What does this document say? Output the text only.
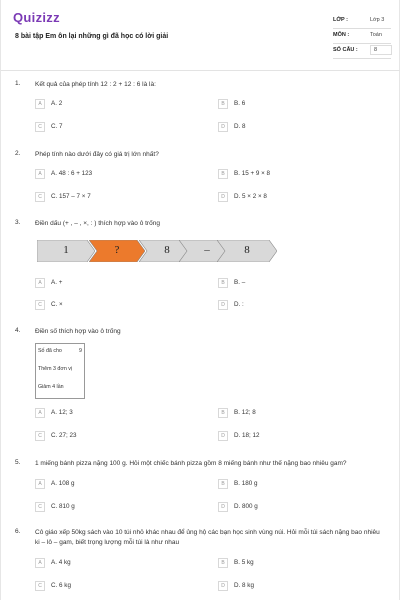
Quizizz
8 bài tập Em ôn lại những gì đã học có lời giải
LỚP :	Lớp 3
MÔN :	Toán
SỐ CÂU :	8
1. Kết quả của phép tính 12 : 2 + 12 : 6 là là:
A	A. 2	B	B. 6
C	C. 7	D	D. 8
2. Phép tính nào dưới đây có giá trị lớn nhất?
A	A. 48 : 6 + 123	B	B. 15 + 9 × 8
C	C. 157 – 7 × 7	D	D. 5 × 2 × 8
3. Điền dấu (+ , – , ×, : ) thích hợp vào ô trống
A	A. +	B	B. –
C	C. ×	D	D. :
1	?	8	–	8
4. Điền số thích hợp vào ô trống
A	A. 12; 3	B	B. 12; 8
C	C. 27; 23	D	D. 18; 12
Số đã cho	9
Thêm 3 đơn vị
Giảm 4 lần
5. 1 miếng bánh pizza nặng 100 g. Hỏi một chiếc bánh pizza gồm 8 miếng bánh như thế nặng bao nhiêu gam?
A	A. 108 g	B	B. 180 g
C	C. 810 g	D	D. 800 g
6. Cô giáo xếp 50kg sách vào 10 túi nhỏ khác nhau để ủng hộ các bạn học sinh vùng núi. Hỏi mỗi túi sách nặng bao nhiêu ki – lô – gam, biết trọng lượng mỗi túi là như nhau
A	A. 4 kg	B	B. 5 kg
C	C. 6 kg	D	D. 8 kg
